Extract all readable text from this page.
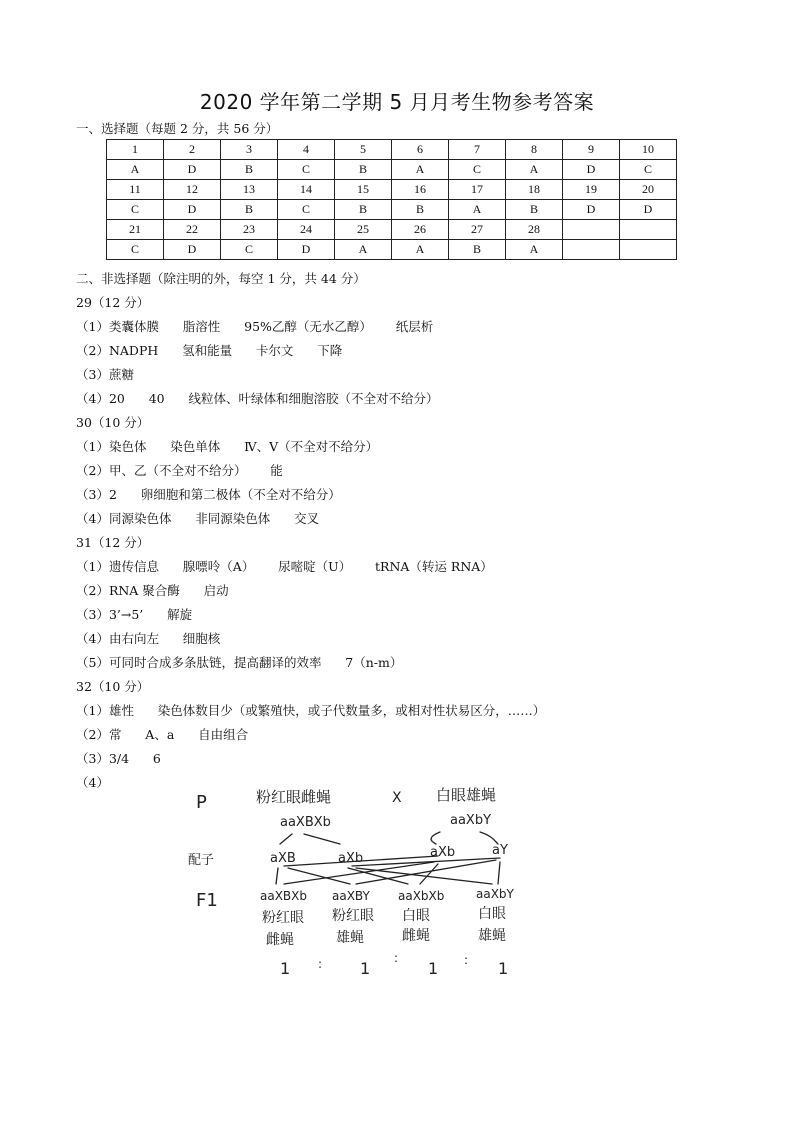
2020 学年第二学期 5 月月考生物参考答案
一、选择题（每题 2 分，共 56 分）
1	2	3	4	5	6	7	8	9	10
A	D	B	C	B	A	C	A	D	C
11	12	13	14	15	16	17	18	19	20
C	D	B	C	B	B	A	B	D	D
21	22	23	24	25	26	27	28		
C	D	C	D	A	A	B	A		
二、非选择题（除注明的外，每空 1 分，共 44 分）
29（12 分）
（1）类囊体膜      脂溶性      95%乙醇（无水乙醇）      纸层析
（2）NADPH      氢和能量      卡尔文      下降
（3）蔗糖
（4）20      40      线粒体、叶绿体和细胞溶胶（不全对不给分）
30（10 分）
（1）染色体      染色单体      Ⅳ、Ⅴ（不全对不给分）
（2）甲、乙（不全对不给分）      能
（3）2      卵细胞和第二极体（不全对不给分）
（4）同源染色体      非同源染色体      交叉
31（12 分）
（1）遗传信息      腺嘌呤（A）      尿嘧啶（U）      tRNA（转运 RNA）
（2）RNA 聚合酶      启动
（3）3’→5’      解旋
（4）由右向左      细胞核
（5）可同时合成多条肽链，提高翻译的效率      7（n-m）
32（10 分）
（1）雄性      染色体数目少（或繁殖快，或子代数量多，或相对性状易区分，……）
（2）常      A、a      自由组合
（3）3/4      6
（4）
P
配子
F1
粉红眼雌蝇	X 白眼雄蝇
aaXBXb	aaXbY
aXB	aXb	aXb	aY
aaXBXb aaXBY aaXbXb	aaXbY
粉红眼 粉红眼 白眼	白眼
雌蝇	雄蝇	雌蝇	雄蝇
1 : 1
:
1 : 1
